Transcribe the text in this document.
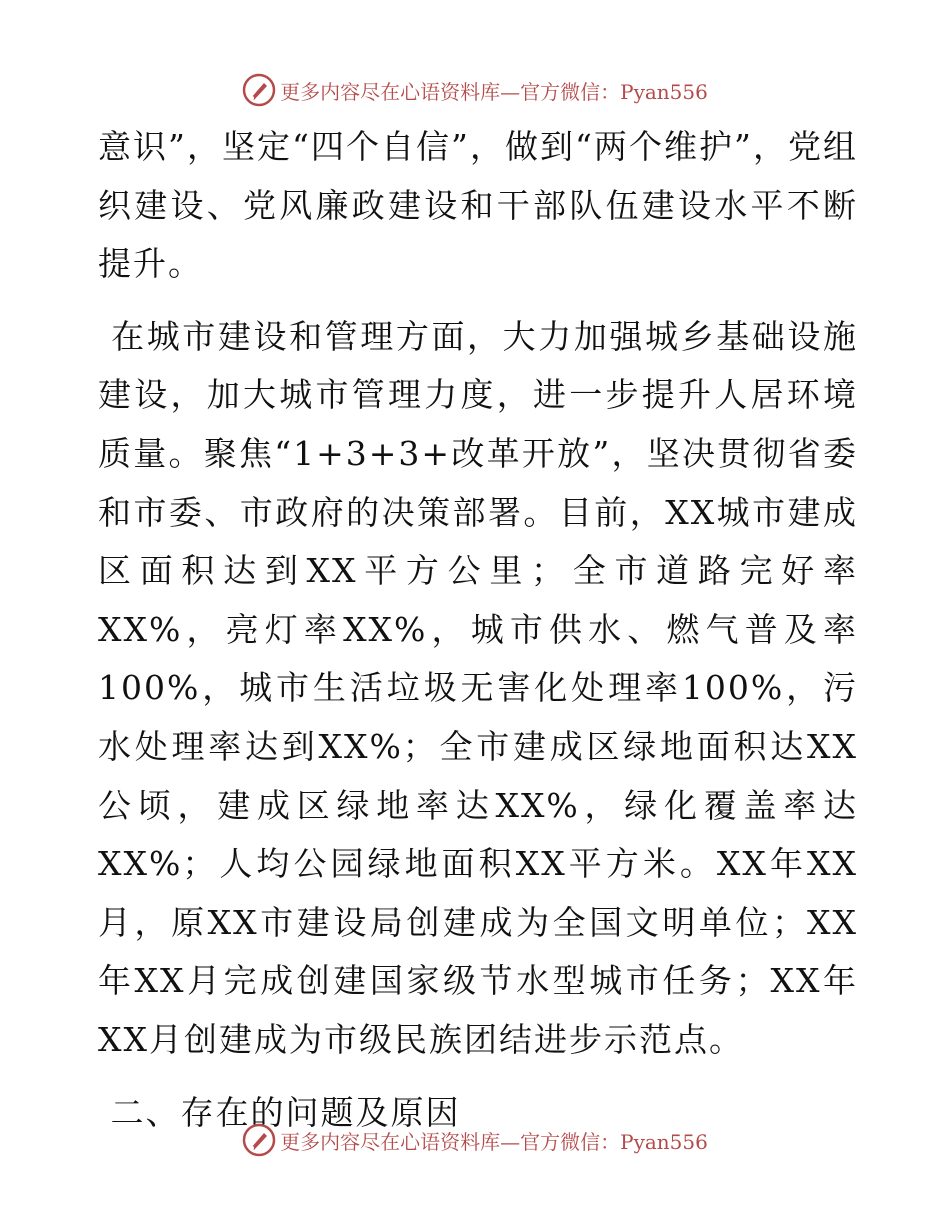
更多内容尽在心语资料库—官方微信：Pyan556

意识”，坚定“四个自信”，做到“两个维护”，党组织建设、党风廉政建设和干部队伍建设水平不断提升。

在城市建设和管理方面，大力加强城乡基础设施建设，加大城市管理力度，进一步提升人居环境质量。聚焦“1+3+3+改革开放”，坚决贯彻省委和市委、市政府的决策部署。目前，XX城市建成区面积达到XX平方公里；全市道路完好率XX%，亮灯率XX%，城市供水、燃气普及率100%，城市生活垃圾无害化处理率100%，污水处理率达到XX%；全市建成区绿地面积达XX公顷，建成区绿地率达XX%，绿化覆盖率达XX%；人均公园绿地面积XX平方米。XX年XX月，原XX市建设局创建成为全国文明单位；XX年XX月完成创建国家级节水型城市任务；XX年XX月创建成为市级民族团结进步示范点。

二、存在的问题及原因

更多内容尽在心语资料库—官方微信：Pyan556
